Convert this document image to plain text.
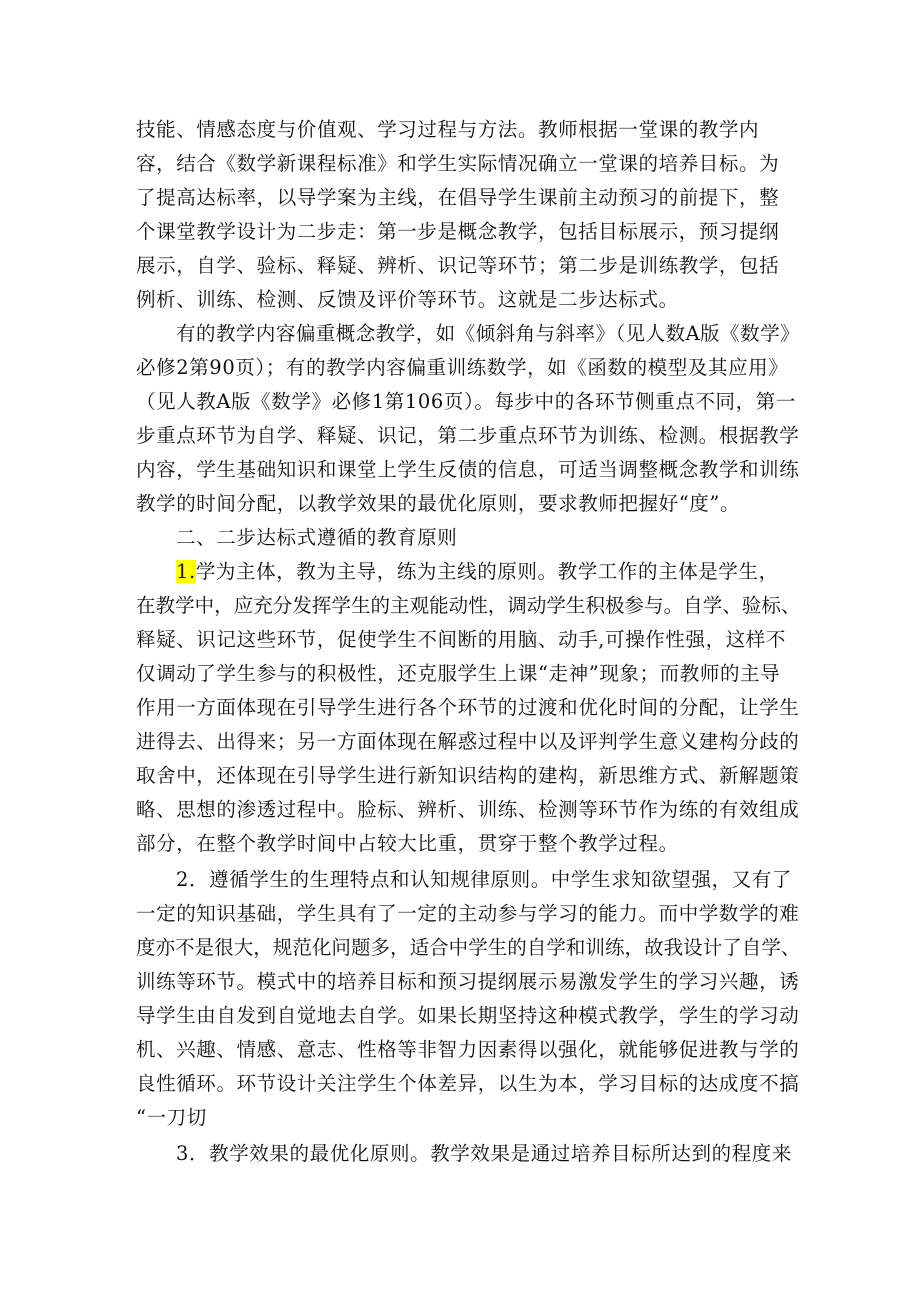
技能、情感态度与价值观、学习过程与方法。教师根据一堂课的教学内
容，结合《数学新课程标准》和学生实际情况确立一堂课的培养目标。为
了提高达标率，以导学案为主线，在倡导学生课前主动预习的前提下，整
个课堂教学设计为二步走：第一步是概念教学，包括目标展示，预习提纲
展示，自学、验标、释疑、辨析、识记等环节；第二步是训练教学，包括
例析、训练、检测、反馈及评价等环节。这就是二步达标式。
有的教学内容偏重概念教学，如《倾斜角与斜率》（见人数A版《数学》
必修2第90页）；有的教学内容偏重训练数学，如《函数的模型及其应用》
（见人教A版《数学》必修1第106页）。每步中的各环节侧重点不同，第一
步重点环节为自学、释疑、识记，第二步重点环节为训练、检测。根据教学
内容，学生基础知识和课堂上学生反债的信息，可适当调整概念教学和训练
教学的时间分配，以教学效果的最优化原则，要求教师把握好“度”。
二、二步达标式遵循的教育原则
1.学为主体，教为主导，练为主线的原则。教学工作的主体是学生，
在教学中，应充分发挥学生的主观能动性，调动学生积极参与。自学、验标、
释疑、识记这些环节，促使学生不间断的用脑、动手,可操作性强，这样不
仅调动了学生参与的积极性，还克服学生上课“走神”现象；而教师的主导
作用一方面体现在引导学生进行各个环节的过渡和优化时间的分配，让学生
进得去、出得来；另一方面体现在解惑过程中以及评判学生意义建构分歧的
取舍中，还体现在引导学生进行新知识结构的建构，新思维方式、新解题策
略、思想的渗透过程中。脸标、辨析、训练、检测等环节作为练的有效组成
部分，在整个教学时间中占较大比重，贯穿于整个教学过程。
2．遵循学生的生理特点和认知规律原则。中学生求知欲望强，又有了
一定的知识基础，学生具有了一定的主动参与学习的能力。而中学数学的难
度亦不是很大，规范化问题多，适合中学生的自学和训练，故我设计了自学、
训练等环节。模式中的培养目标和预习提纲展示易激发学生的学习兴趣，诱
导学生由自发到自觉地去自学。如果长期坚持这种模式教学，学生的学习动
机、兴趣、情感、意志、性格等非智力因素得以强化，就能够促进教与学的
良性循环。环节设计关注学生个体差异，以生为本，学习目标的达成度不搞
“一刀切
3．教学效果的最优化原则。教学效果是通过培养目标所达到的程度来
